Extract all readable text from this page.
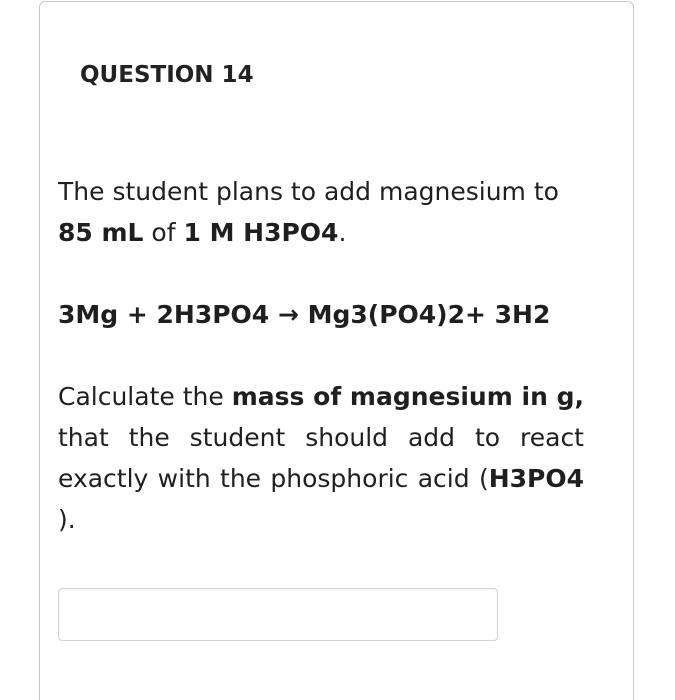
QUESTION 14

The student plans to add magnesium to 85 mL of 1 M H3PO4.

3Mg + 2H3PO4 → Mg3(PO4)2+ 3H2

Calculate the mass of magnesium in g, that the student should add to react exactly with the phosphoric acid (H3PO4 ).
